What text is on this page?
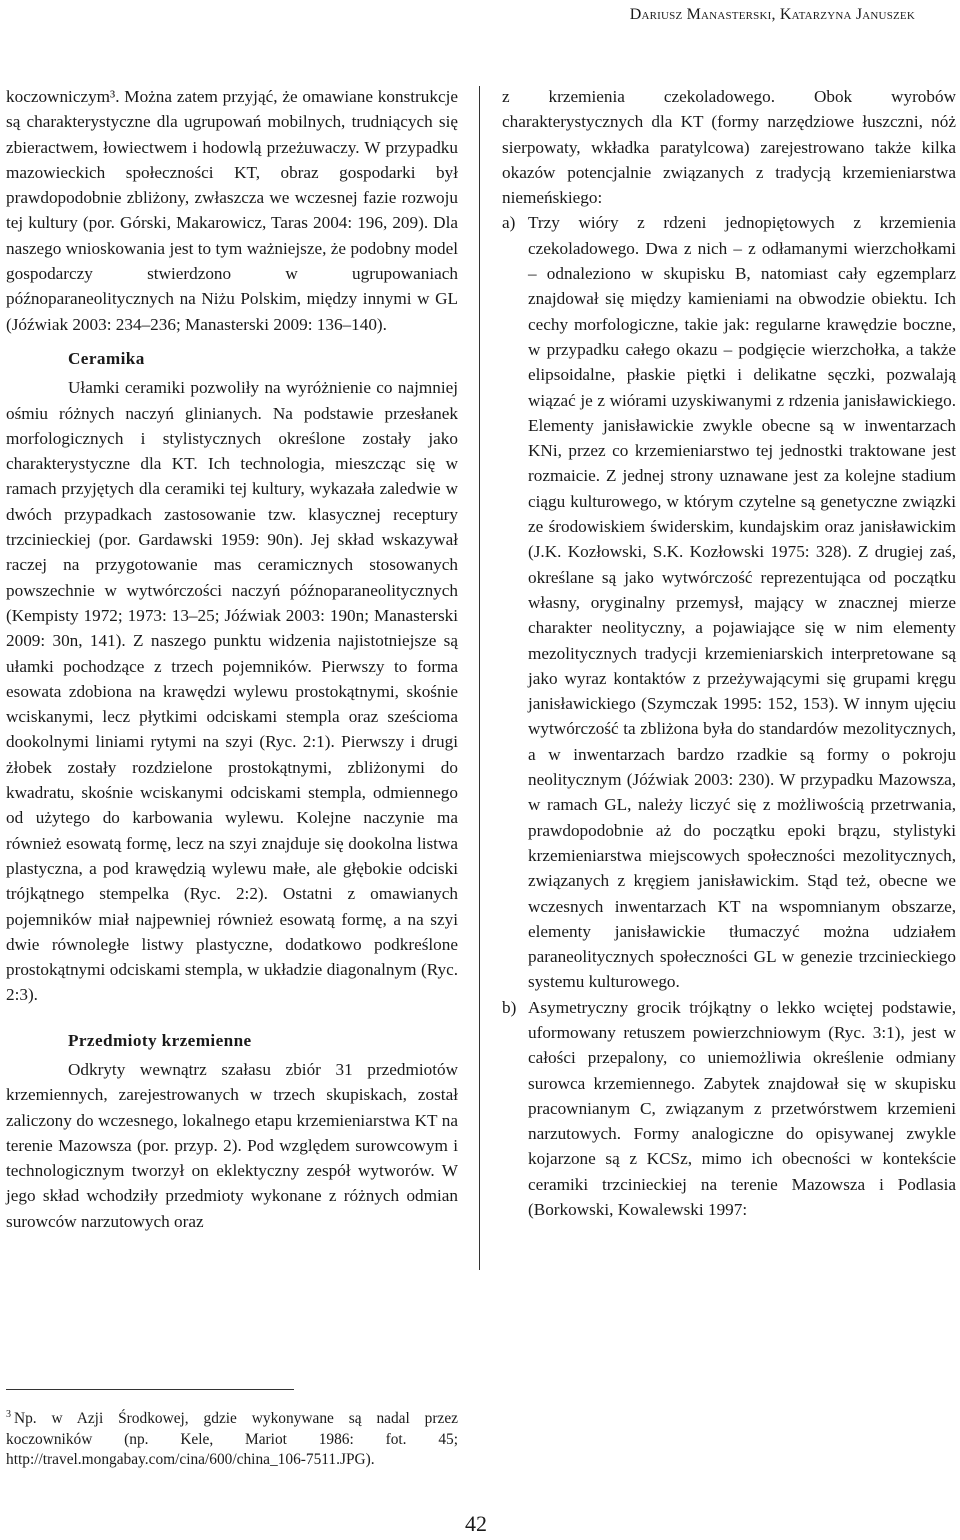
Dariusz Manasterski, Katarzyna Januszek

koczowniczym³. Można zatem przyjąć, że omawiane konstrukcje są charakterystyczne dla ugrupowań mobilnych, trudniących się zbieractwem, łowiectwem i hodowlą przeżuwaczy. W przypadku mazowieckich społeczności KT, obraz gospodarki był prawdopodobnie zbliżony, zwłaszcza we wczesnej fazie rozwoju tej kultury (por. Górski, Makarowicz, Taras 2004: 196, 209). Dla naszego wnioskowania jest to tym ważniejsze, że podobny model gospodarczy stwierdzono w ugrupowaniach późnoparaneolitycznych na Niżu Polskim, między innymi w GL (Jóźwiak 2003: 234–236; Manasterski 2009: 136–140).

Ceramika

Ułamki ceramiki pozwoliły na wyróżnienie co najmniej ośmiu różnych naczyń glinianych. Na podstawie przesłanek morfologicznych i stylistycznych określone zostały jako charakterystyczne dla KT. Ich technologia, mieszcząc się w ramach przyjętych dla ceramiki tej kultury, wykazała zaledwie w dwóch przypadkach zastosowanie tzw. klasycznej receptury trzcinieckiej (por. Gardawski 1959: 90n). Jej skład wskazywał raczej na przygotowanie mas ceramicznych stosowanych powszechnie w wytwórczości naczyń późnoparaneolitycznych (Kempisty 1972; 1973: 13–25; Jóźwiak 2003: 190n; Manasterski 2009: 30n, 141). Z naszego punktu widzenia najistotniejsze są ułamki pochodzące z trzech pojemników. Pierwszy to forma esowata zdobiona na krawędzi wylewu prostokątnymi, skośnie wciskanymi, lecz płytkimi odciskami stempla oraz sześcioma dookolnymi liniami rytymi na szyi (Ryc. 2:1). Pierwszy i drugi żłobek zostały rozdzielone prostokątnymi, zbliżonymi do kwadratu, skośnie wciskanymi odciskami stempla, odmiennego od użytego do karbowania wylewu. Kolejne naczynie ma również esowatą formę, lecz na szyi znajduje się dookolna listwa plastyczna, a pod krawędzią wylewu małe, ale głębokie odciski trójkątnego stempelka (Ryc. 2:2). Ostatni z omawianych pojemników miał najpewniej również esowatą formę, a na szyi dwie równoległe listwy plastyczne, dodatkowo podkreślone prostokątnymi odciskami stempla, w układzie diagonalnym (Ryc. 2:3).

Przedmioty krzemienne

Odkryty wewnątrz szałasu zbiór 31 przedmiotów krzemiennych, zarejestrowanych w trzech skupiskach, został zaliczony do wczesnego, lokalnego etapu krzemieniarstwa KT na terenie Mazowsza (por. przyp. 2). Pod względem surowcowym i technologicznym tworzył on eklektyczny zespół wytworów. W jego skład wchodziły przedmioty wykonane z różnych odmian surowców narzutowych oraz

z krzemienia czekoladowego. Obok wyrobów charakterystycznych dla KT (formy narzędziowe łuszczni, nóż sierpowaty, wkładka paratylcowa) zarejestrowano także kilka okazów potencjalnie związanych z tradycją krzemieniarstwa niemeńskiego:

a) Trzy wióry z rdzeni jednopiętowych z krzemienia czekoladowego. Dwa z nich – z odłamanymi wierzchołkami – odnaleziono w skupisku B, natomiast cały egzemplarz znajdował się między kamieniami na obwodzie obiektu. Ich cechy morfologiczne, takie jak: regularne krawędzie boczne, w przypadku całego okazu – podgięcie wierzchołka, a także elipsoidalne, płaskie piętki i delikatne sęczki, pozwalają wiązać je z wiórami uzyskiwanymi z rdzenia janisławickiego. Elementy janisławickie zwykle obecne są w inwentarzach KNi, przez co krzemieniarstwo tej jednostki traktowane jest rozmaicie. Z jednej strony uznawane jest za kolejne stadium ciągu kulturowego, w którym czytelne są genetyczne związki ze środowiskiem świderskim, kundajskim oraz janisławickim (J.K. Kozłowski, S.K. Kozłowski 1975: 328). Z drugiej zaś, określane są jako wytwórczość reprezentująca od początku własny, oryginalny przemysł, mający w znacznej mierze charakter neolityczny, a pojawiające się w nim elementy mezolitycznych tradycji krzemieniarskich interpretowane są jako wyraz kontaktów z przeżywającymi się grupami kręgu janisławickiego (Szymczak 1995: 152, 153). W innym ujęciu wytwórczość ta zbliżona była do standardów mezolitycznych, a w inwentarzach bardzo rzadkie są formy o pokroju neolitycznym (Jóźwiak 2003: 230). W przypadku Mazowsza, w ramach GL, należy liczyć się z możliwością przetrwania, prawdopodobnie aż do początku epoki brązu, stylistyki krzemieniarstwa miejscowych społeczności mezolitycznych, związanych z kręgiem janisławickim. Stąd też, obecne we wczesnych inwentarzach KT na wspomnianym obszarze, elementy janisławickie tłumaczyć można udziałem paraneolitycznych społeczności GL w genezie trzcinieckiego systemu kulturowego.
b) Asymetryczny grocik trójkątny o lekko wciętej podstawie, uformowany retuszem powierzchniowym (Ryc. 3:1), jest w całości przepalony, co uniemożliwia określenie odmiany surowca krzemiennego. Zabytek znajdował się w skupisku pracownianym C, związanym z przetwórstwem krzemieni narzutowych. Formy analogiczne do opisywanej zwykle kojarzone są z KCSz, mimo ich obecności w kontekście ceramiki trzcinieckiej na terenie Mazowsza i Podlasia (Borkowski, Kowalewski 1997:
$^3$ Np. w Azji Środkowej, gdzie wykonywane są nadal przez koczowników (np. Kele, Mariot 1986: fot. 45; http://travel.mongabay.com/cina/600/china_106-7511.JPG).
42
